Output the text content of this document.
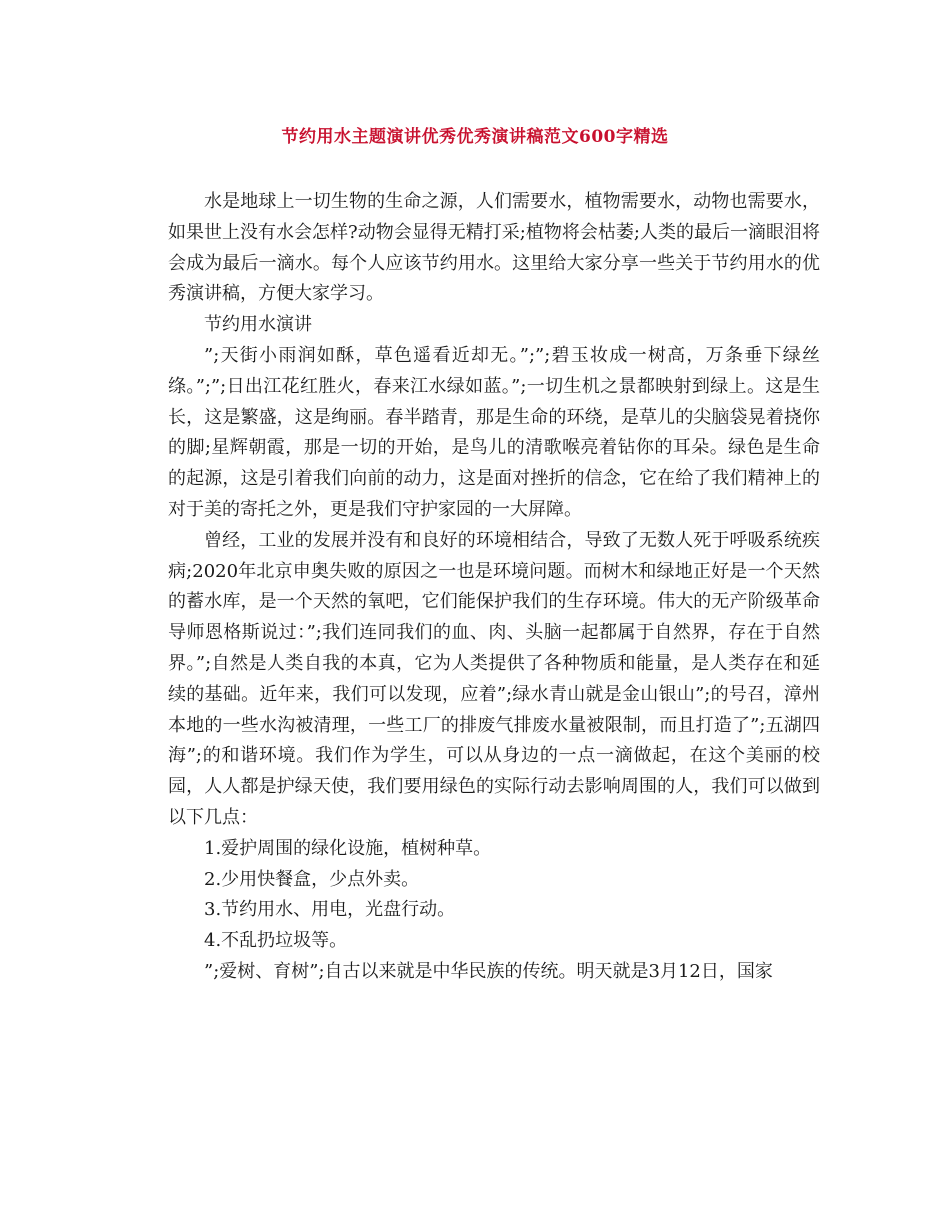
节约用水主题演讲优秀优秀演讲稿范文600字精选

水是地球上一切生物的生命之源，人们需要水，植物需要水，动物也需要水，如果世上没有水会怎样?动物会显得无精打采;植物将会枯萎;人类的最后一滴眼泪将会成为最后一滴水。每个人应该节约用水。这里给大家分享一些关于节约用水的优秀演讲稿，方便大家学习。

节约用水演讲

”;天街小雨润如酥，草色遥看近却无。”;”;碧玉妆成一树高，万条垂下绿丝绦。”;”;日出江花红胜火，春来江水绿如蓝。”;一切生机之景都映射到绿上。这是生长，这是繁盛，这是绚丽。春半踏青，那是生命的环绕，是草儿的尖脑袋晃着挠你的脚;星辉朝霞，那是一切的开始，是鸟儿的清歌喉亮着钻你的耳朵。绿色是生命的起源，这是引着我们向前的动力，这是面对挫折的信念，它在给了我们精神上的对于美的寄托之外，更是我们守护家园的一大屏障。

曾经，工业的发展并没有和良好的环境相结合，导致了无数人死于呼吸系统疾病;2020年北京申奥失败的原因之一也是环境问题。而树木和绿地正好是一个天然的蓄水库，是一个天然的氧吧，它们能保护我们的生存环境。伟大的无产阶级革命导师恩格斯说过：”;我们连同我们的血、肉、头脑一起都属于自然界，存在于自然界。”;自然是人类自我的本真，它为人类提供了各种物质和能量，是人类存在和延续的基础。近年来，我们可以发现，应着”;绿水青山就是金山银山”;的号召，漳州本地的一些水沟被清理，一些工厂的排废气排废水量被限制，而且打造了”;五湖四海”;的和谐环境。我们作为学生，可以从身边的一点一滴做起，在这个美丽的校园，人人都是护绿天使，我们要用绿色的实际行动去影响周围的人，我们可以做到以下几点：

1.爱护周围的绿化设施，植树种草。

2.少用快餐盒，少点外卖。

3.节约用水、用电，光盘行动。

4.不乱扔垃圾等。

”;爱树、育树”;自古以来就是中华民族的传统。明天就是3月12日，国家
